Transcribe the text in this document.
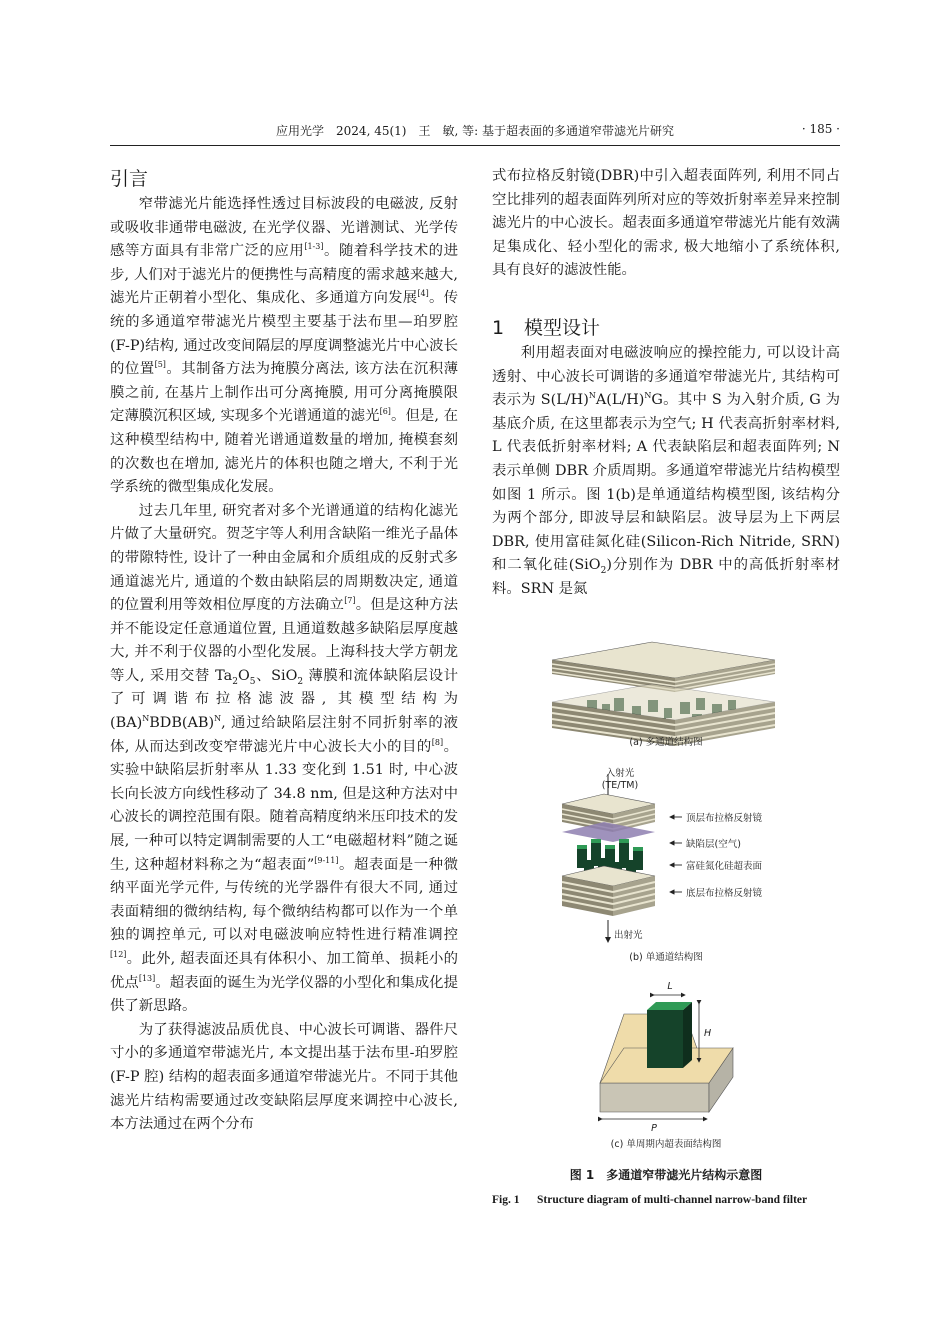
应用光学　2024, 45(1)　王　敏, 等: 基于超表面的多通道窄带滤光片研究	· 185 ·
引言

窄带滤光片能选择性透过目标波段的电磁波, 反射或吸收非通带电磁波, 在光学仪器、光谱测试、光学传感等方面具有非常广泛的应用[1-3]。随着科学技术的进步, 人们对于滤光片的便携性与高精度的需求越来越大, 滤光片正朝着小型化、集成化、多通道方向发展[4]。传统的多通道窄带滤光片模型主要基于法布里—珀罗腔(F-P)结构, 通过改变间隔层的厚度调整滤光片中心波长的位置[5]。其制备方法为掩膜分离法, 该方法在沉积薄膜之前, 在基片上制作出可分离掩膜, 用可分离掩膜限定薄膜沉积区域, 实现多个光谱通道的滤光[6]。但是, 在这种模型结构中, 随着光谱通道数量的增加, 掩模套刻的次数也在增加, 滤光片的体积也随之增大, 不利于光学系统的微型集成化发展。

过去几年里, 研究者对多个光谱通道的结构化滤光片做了大量研究。贺芝宇等人利用含缺陷一维光子晶体的带隙特性, 设计了一种由金属和介质组成的反射式多通道滤光片, 通道的个数由缺陷层的周期数决定, 通道的位置利用等效相位厚度的方法确立[7]。但是这种方法并不能设定任意通道位置, 且通道数越多缺陷层厚度越大, 并不利于仪器的小型化发展。上海科技大学方朝龙等人, 采用交替 $Ta_2O_5$、SiO$_2$ 薄膜和流体缺陷层设计了可调谐布拉格滤波器, 其模型结构为 (BA)$^N$BDB(AB)$^N$, 通过给缺陷层注射不同折射率的液体, 从而达到改变窄带滤光片中心波长大小的目的[8]。实验中缺陷层折射率从 1.33 变化到 1.51 时, 中心波长向长波方向线性移动了 34.8 nm, 但是这种方法对中心波长的调控范围有限。随着高精度纳米压印技术的发展, 一种可以特定调制需要的人工“电磁超材料”随之诞生, 这种超材料称之为“超表面”[9-11]。超表面是一种微纳平面光学元件, 与传统的光学器件有很大不同, 通过表面精细的微纳结构, 每个微纳结构都可以作为一个单独的调控单元, 可以对电磁波响应特性进行精准调控[12]。此外, 超表面还具有体积小、加工简单、损耗小的优点[13]。超表面的诞生为光学仪器的小型化和集成化提供了新思路。

为了获得滤波品质优良、中心波长可调谐、器件尺寸小的多通道窄带滤光片, 本文提出基于法布里-珀罗腔 (F-P 腔) 结构的超表面多通道窄带滤光片。不同于其他滤光片结构需要通过改变缺陷层厚度来调控中心波长, 本方法通过在两个分布

式布拉格反射镜(DBR)中引入超表面阵列, 利用不同占空比排列的超表面阵列所对应的等效折射率差异来控制滤光片的中心波长。超表面多通道窄带滤光片能有效满足集成化、轻小型化的需求, 极大地缩小了系统体积, 具有良好的滤波性能。

1 模型设计

利用超表面对电磁波响应的操控能力, 可以设计高透射、中心波长可调谐的多通道窄带滤光片, 其结构可表示为 $S(L/H)^NA(L/H)^NG$。其中 S 为入射介质, G 为基底介质, 在这里都表示为空气; H 代表高折射率材料, L 代表低折射率材料; A 代表缺陷层和超表面阵列; N 表示单侧 DBR 介质周期。多通道窄带滤光片结构模型如图 1 所示。图 1(b)是单通道结构模型图, 该结构分为两个部分, 即波导层和缺陷层。波导层为上下两层 DBR, 使用富硅氮化硅(Silicon-Rich Nitride, SRN)和二氧化硅(SiO$_2$)分别作为 DBR 中的高低折射率材料。SRN 是氮

(a) 多通道结构图
入射光
(TE/TM)
出射光
顶层布拉格反射镜
缺陷层(空气)
富硅氮化硅超表面
底层布拉格反射镜
(b) 单通道结构图
L
H
P
(c) 单周期内超表面结构图
图 1　多通道窄带滤光片结构示意图
Fig. 1 Structure diagram of multi-channel narrow-band filter
